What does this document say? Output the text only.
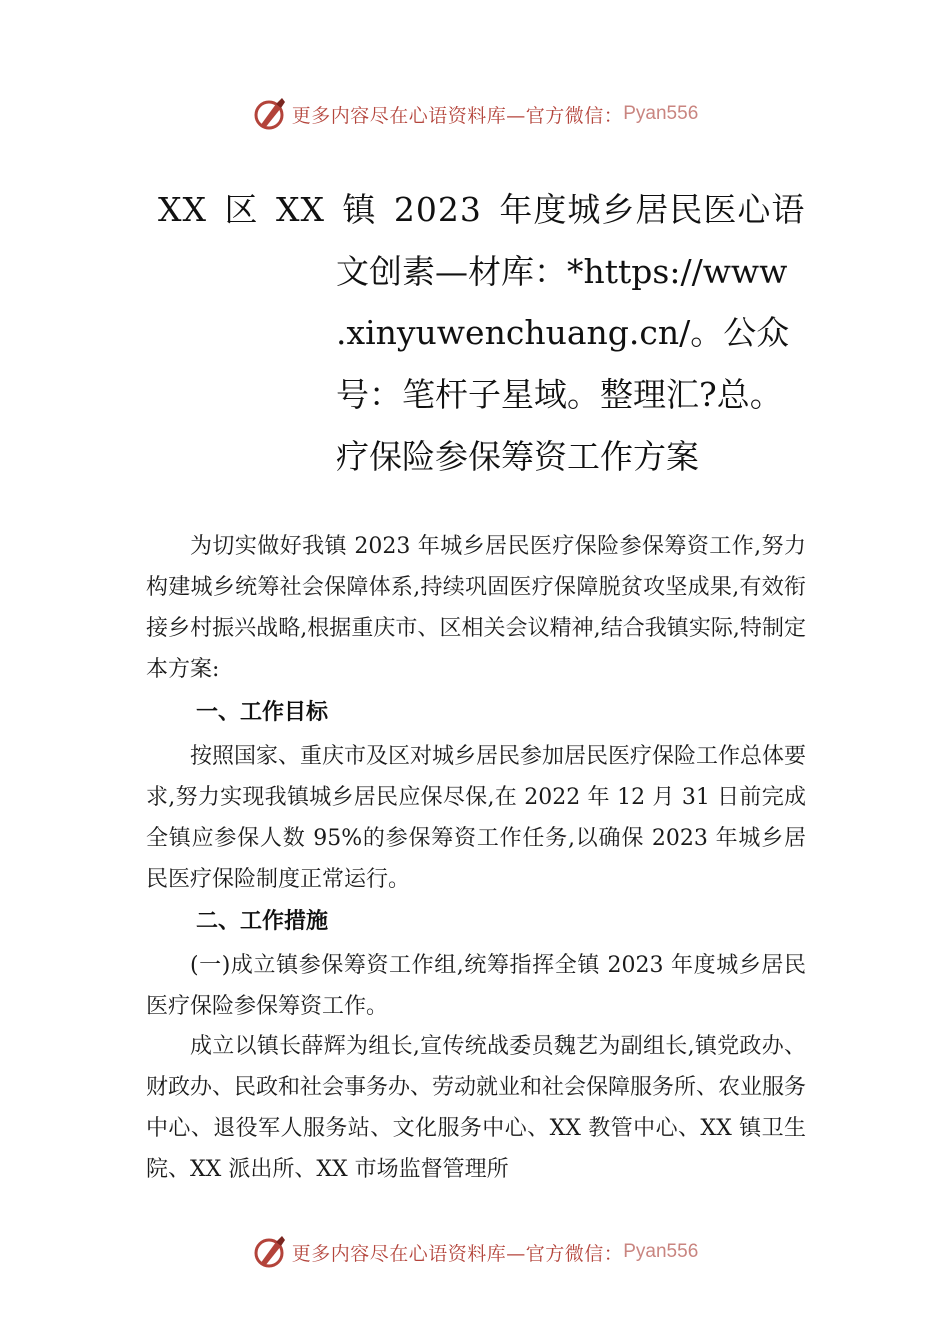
更多内容尽在心语资料库—官方微信： Pyan556
XX 区 XX 镇 2023 年度城乡居民医心语
文创素—材库：*https://www
.xinyuwenchuang.cn/。公众
号：笔杆子星域。整理汇?总。
疗保险参保筹资工作方案

为切实做好我镇 2023 年城乡居民医疗保险参保筹资工作,努力构建城乡统筹社会保障体系,持续巩固医疗保障脱贫攻坚成果,有效衔接乡村振兴战略,根据重庆市、区相关会议精神,结合我镇实际,特制定本方案:

一、工作目标

按照国家、重庆市及区对城乡居民参加居民医疗保险工作总体要求,努力实现我镇城乡居民应保尽保,在 2022 年 12 月 31 日前完成全镇应参保人数 95%的参保筹资工作任务,以确保 2023 年城乡居民医疗保险制度正常运行。

二、工作措施

(一)成立镇参保筹资工作组,统筹指挥全镇 2023 年度城乡居民医疗保险参保筹资工作。

成立以镇长薛辉为组长,宣传统战委员魏艺为副组长,镇党政办、财政办、民政和社会事务办、劳动就业和社会保障服务所、农业服务中心、退役军人服务站、文化服务中心、XX 教管中心、XX 镇卫生院、XX 派出所、XX 市场监督管理所

更多内容尽在心语资料库—官方微信： Pyan556
